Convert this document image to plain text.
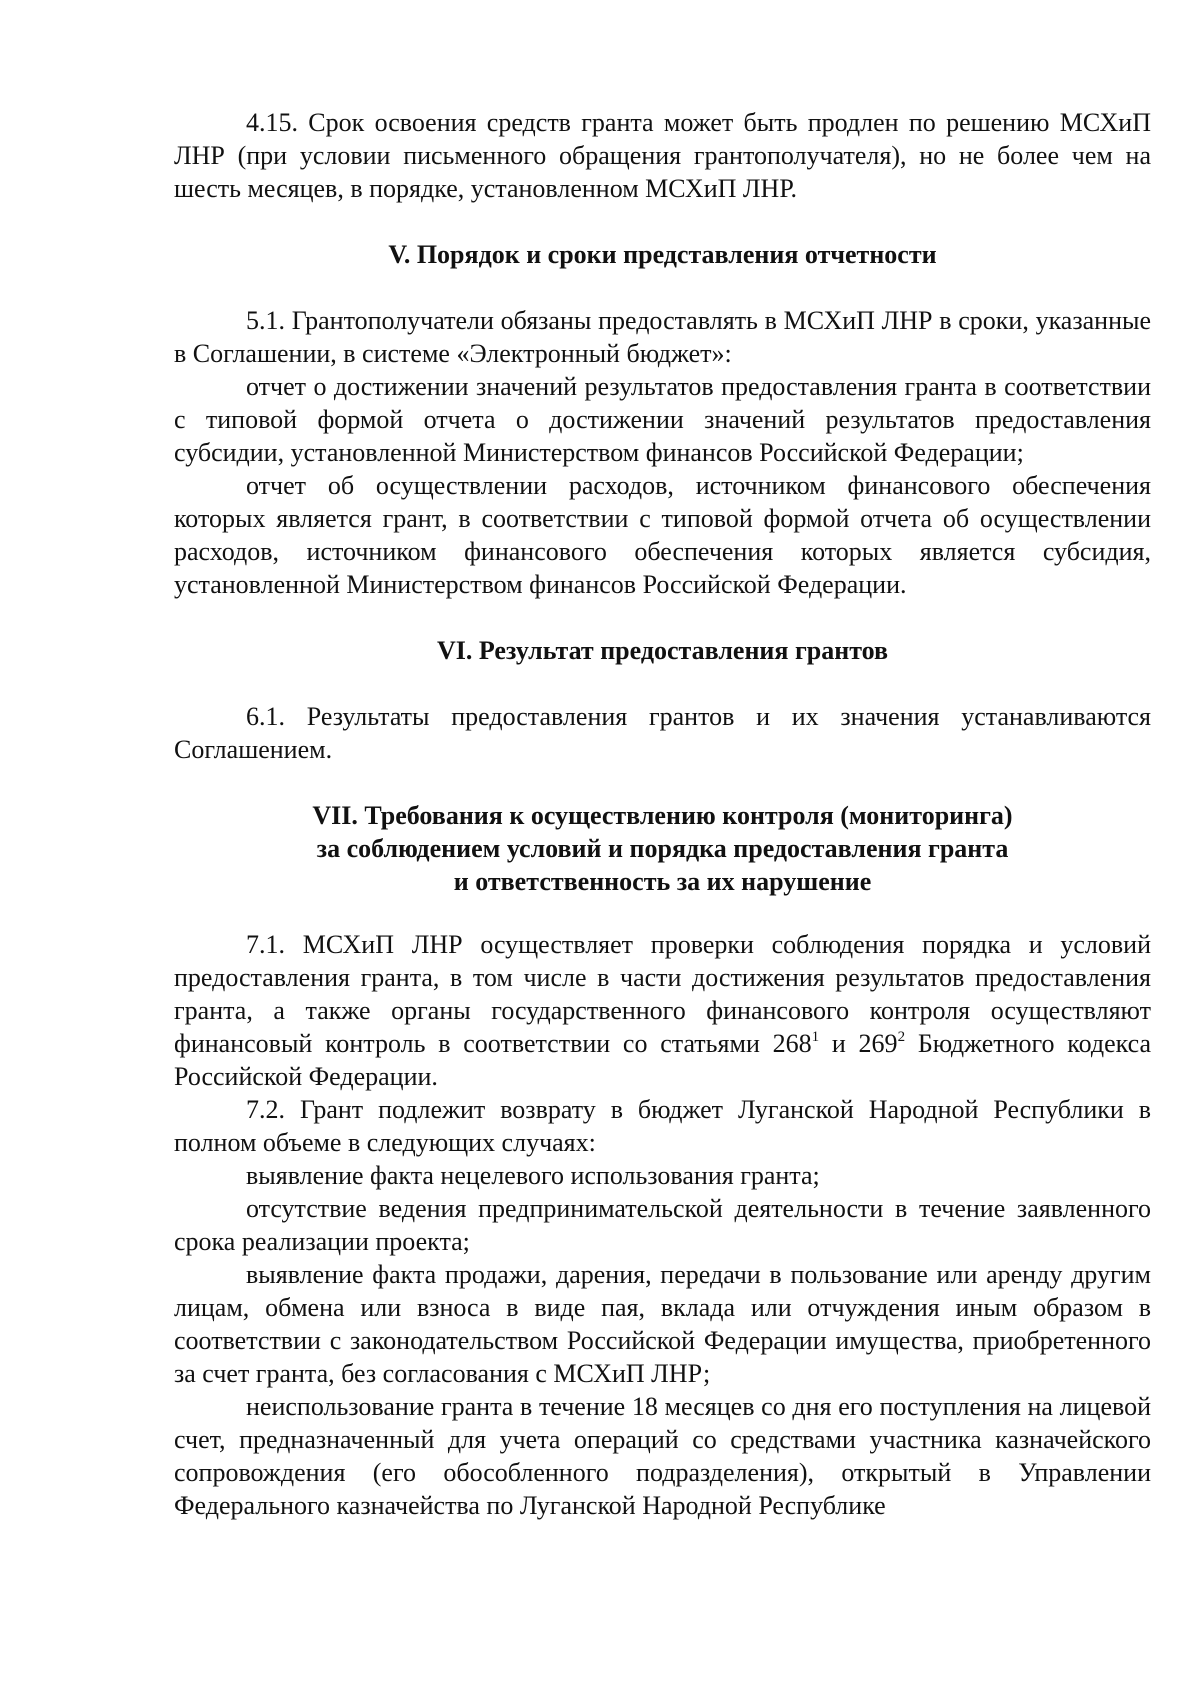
4.15. Срок освоения средств гранта может быть продлен по решению МСХиП ЛНР (при условии письменного обращения грантополучателя), но не более чем на шесть месяцев, в порядке, установленном МСХиП ЛНР.

V. Порядок и сроки представления отчетности

5.1. Грантополучатели обязаны предоставлять в МСХиП ЛНР в сроки, указанные в Соглашении, в системе «Электронный бюджет»:

отчет о достижении значений результатов предоставления гранта в соответствии с типовой формой отчета о достижении значений результатов предоставления субсидии, установленной Министерством финансов Российской Федерации;

отчет об осуществлении расходов, источником финансового обеспечения которых является грант, в соответствии с типовой формой отчета об осуществлении расходов, источником финансового обеспечения которых является субсидия, установленной Министерством финансов Российской Федерации.

VI. Результат предоставления грантов

6.1. Результаты предоставления грантов и их значения устанавливаются Соглашением.

VII. Требования к осуществлению контроля (мониторинга)

за соблюдением условий и порядка предоставления гранта

и ответственность за их нарушение

7.1. МСХиП ЛНР осуществляет проверки соблюдения порядка и условий предоставления гранта, в том числе в части достижения результатов предоставления гранта, а также органы государственного финансового контроля осуществляют финансовый контроль в соответствии со статьями $268^1$ и $269^2$ Бюджетного кодекса Российской Федерации.

7.2. Грант подлежит возврату в бюджет Луганской Народной Республики в полном объеме в следующих случаях:

выявление факта нецелевого использования гранта;

отсутствие ведения предпринимательской деятельности в течение заявленного срока реализации проекта;

выявление факта продажи, дарения, передачи в пользование или аренду другим лицам, обмена или взноса в виде пая, вклада или отчуждения иным образом в соответствии с законодательством Российской Федерации имущества, приобретенного за счет гранта, без согласования с МСХиП ЛНР;

неиспользование гранта в течение 18 месяцев со дня его поступления на лицевой счет, предназначенный для учета операций со средствами участника казначейского сопровождения (его обособленного подразделения), открытый в Управлении Федерального казначейства по Луганской Народной Республике
